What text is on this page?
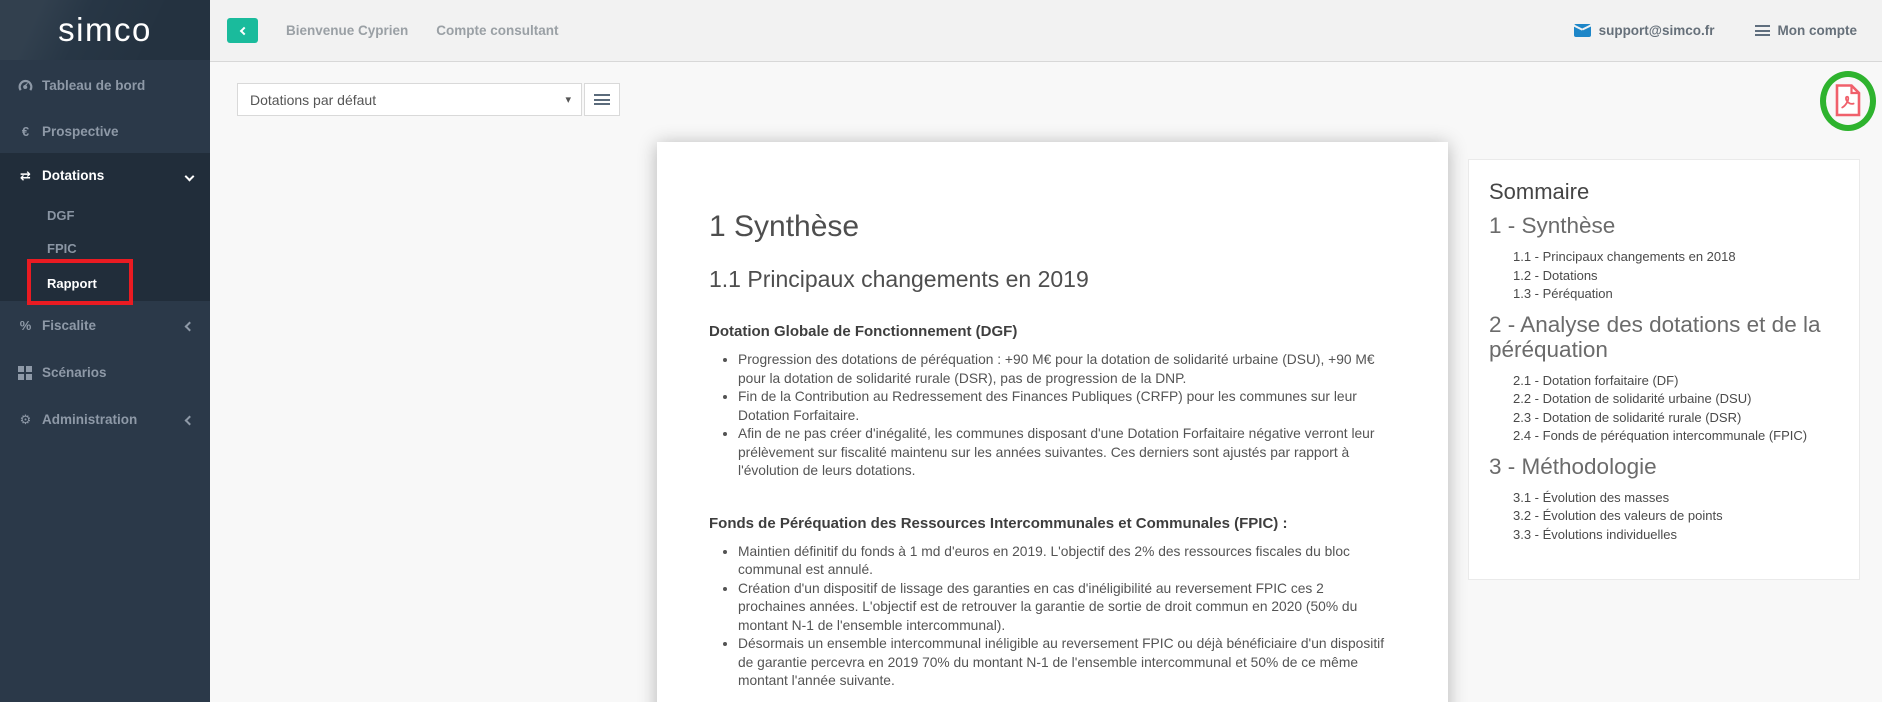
simco
Tableau de bord
€ Prospective
⇄ Dotations
DGF
FPIC
Rapport
% Fiscalite
Scénarios
⚙ Administration
Bienvenue Cyprien Compte consultant	support@simco.fr	Mon compte
Dotations par défaut	▾
1 Synthèse
1.1 Principaux changements en 2019
Dotation Globale de Fonctionnement (DGF)
• Progression des dotations de péréquation : +90 M€ pour la dotation de solidarité urbaine (DSU), +90 M€ pour la dotation de solidarité rurale (DSR), pas de progression de la DNP.
• Fin de la Contribution au Redressement des Finances Publiques (CRFP) pour les communes sur leur Dotation Forfaitaire.
• Afin de ne pas créer d'inégalité, les communes disposant d'une Dotation Forfaitaire négative verront leur prélèvement sur fiscalité maintenu sur les années suivantes. Ces derniers sont ajustés par rapport à l'évolution de leurs dotations.
Fonds de Péréquation des Ressources Intercommunales et Communales (FPIC) :
• Maintien définitif du fonds à 1 md d'euros en 2019. L'objectif des 2% des ressources fiscales du bloc communal est annulé.
• Création d'un dispositif de lissage des garanties en cas d'inéligibilité au reversement FPIC ces 2 prochaines années. L'objectif est de retrouver la garantie de sortie de droit commun en 2020 (50% du montant N-1 de l'ensemble intercommunal).
• Désormais un ensemble intercommunal inéligible au reversement FPIC ou déjà bénéficiaire d'un dispositif de garantie percevra en 2019 70% du montant N-1 de l'ensemble intercommunal et 50% de ce même montant l'année suivante.
Sommaire
1 - Synthèse
1.1 - Principaux changements en 2018
1.2 - Dotations
1.3 - Péréquation
2 - Analyse des dotations et de la péréquation
2.1 - Dotation forfaitaire (DF)
2.2 - Dotation de solidarité urbaine (DSU)
2.3 - Dotation de solidarité rurale (DSR)
2.4 - Fonds de péréquation intercommunale (FPIC)
3 - Méthodologie
3.1 - Évolution des masses
3.2 - Évolution des valeurs de points
3.3 - Évolutions individuelles
